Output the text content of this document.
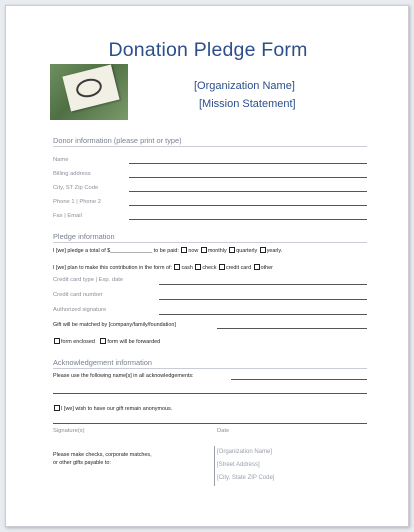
Donation Pledge Form
[Organization Name]
[Mission Statement]
Donor information (please print or type)
Name
Billing address
City, ST Zip Code
Phone 1 | Phone 2
Fax | Email
Pledge information
I [we] pledge a total of $______________ to be paid: now monthly quarterly yearly.
I [we] plan to make this contribution in the form of: cash check credit card other
Credit card type | Exp. date
Credit card number
Authorized signature
Gift will be matched by [company/family/foundation]
form enclosed form will be forwarded
Acknowledgement information
Please use the following name[s] in all acknowledgements:
I [we] wish to have our gift remain anonymous.
Signature(s)	Date
Please make checks, corporate matches,
or other gifts payable to:
[Organization Name]
[Street Address]
[City, State ZIP Code]
